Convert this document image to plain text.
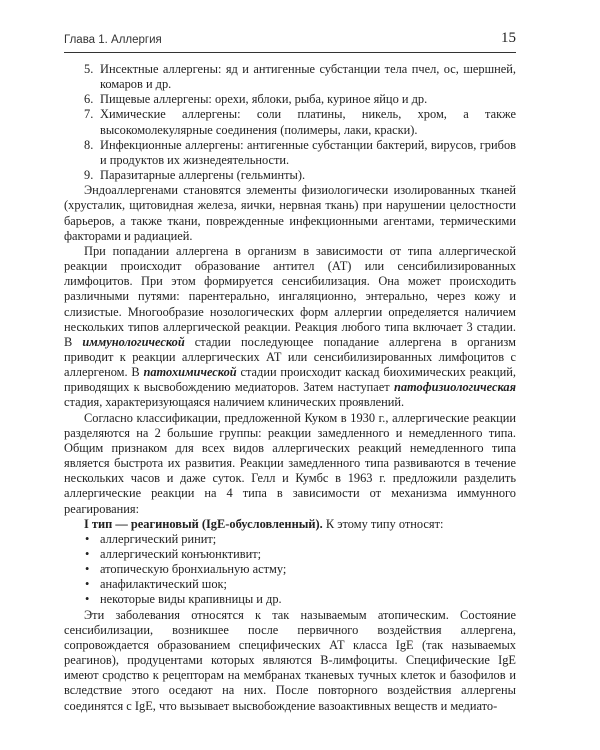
Глава 1. Аллергия	15
5. Инсектные аллергены: яд и антигенные субстанции тела пчел, ос, шершней, комаров и др.
6. Пищевые аллергены: орехи, яблоки, рыба, куриное яйцо и др.
7. Химические аллергены: соли платины, никель, хром, а также высокомолекулярные соединения (полимеры, лаки, краски).
8. Инфекционные аллергены: антигенные субстанции бактерий, вирусов, грибов и продуктов их жизнедеятельности.
9. Паразитарные аллергены (гельминты).

Эндоаллергенами становятся элементы физиологически изолированных тканей (хрусталик, щитовидная железа, яички, нервная ткань) при нарушении целостности барьеров, а также ткани, поврежденные инфекционными агентами, термическими факторами и радиацией.

При попадании аллергена в организм в зависимости от типа аллергической реакции происходит образование антител (АТ) или сенсибилизированных лимфоцитов. При этом формируется сенсибилизация. Она может происходить различными путями: парентерально, ингаляционно, энтерально, через кожу и слизистые. Многообразие нозологических форм аллергии определяется наличием нескольких типов аллергической реакции. Реакция любого типа включает 3 стадии. В иммунологической стадии последующее попадание аллергена в организм приводит к реакции аллергических АТ или сенсибилизированных лимфоцитов с аллергеном. В патохимической стадии происходит каскад биохимических реакций, приводящих к высвобождению медиаторов. Затем наступает патофизиологическая стадия, характеризующаяся наличием клинических проявлений.

Согласно классификации, предложенной Куком в 1930 г., аллергические реакции разделяются на 2 большие группы: реакции замедленного и немедленного типа. Общим признаком для всех видов аллергических реакций немедленного типа является быстрота их развития. Реакции замедленного типа развиваются в течение нескольких часов и даже суток. Гелл и Кумбс в 1963 г. предложили разделить аллергические реакции на 4 типа в зависимости от механизма иммунного реагирования:

I тип — реагиновый (IgE-обусловленный). К этому типу относят:

• аллергический ринит;
• аллергический конъюнктивит;
• атопическую бронхиальную астму;
• анафилактический шок;
• некоторые виды крапивницы и др.

Эти заболевания относятся к так называемым атопическим. Состояние сенсибилизации, возникшее после первичного воздействия аллергена, сопровождается образованием специфических АТ класса IgE (так называемых реагинов), продуцентами которых являются В-лимфоциты. Специфические IgE имеют сродство к рецепторам на мембранах тканевых тучных клеток и базофилов и вследствие этого оседают на них. После повторного воздействия аллергены соединятся с IgE, что вызывает высвобождение вазоактивных веществ и медиато-
